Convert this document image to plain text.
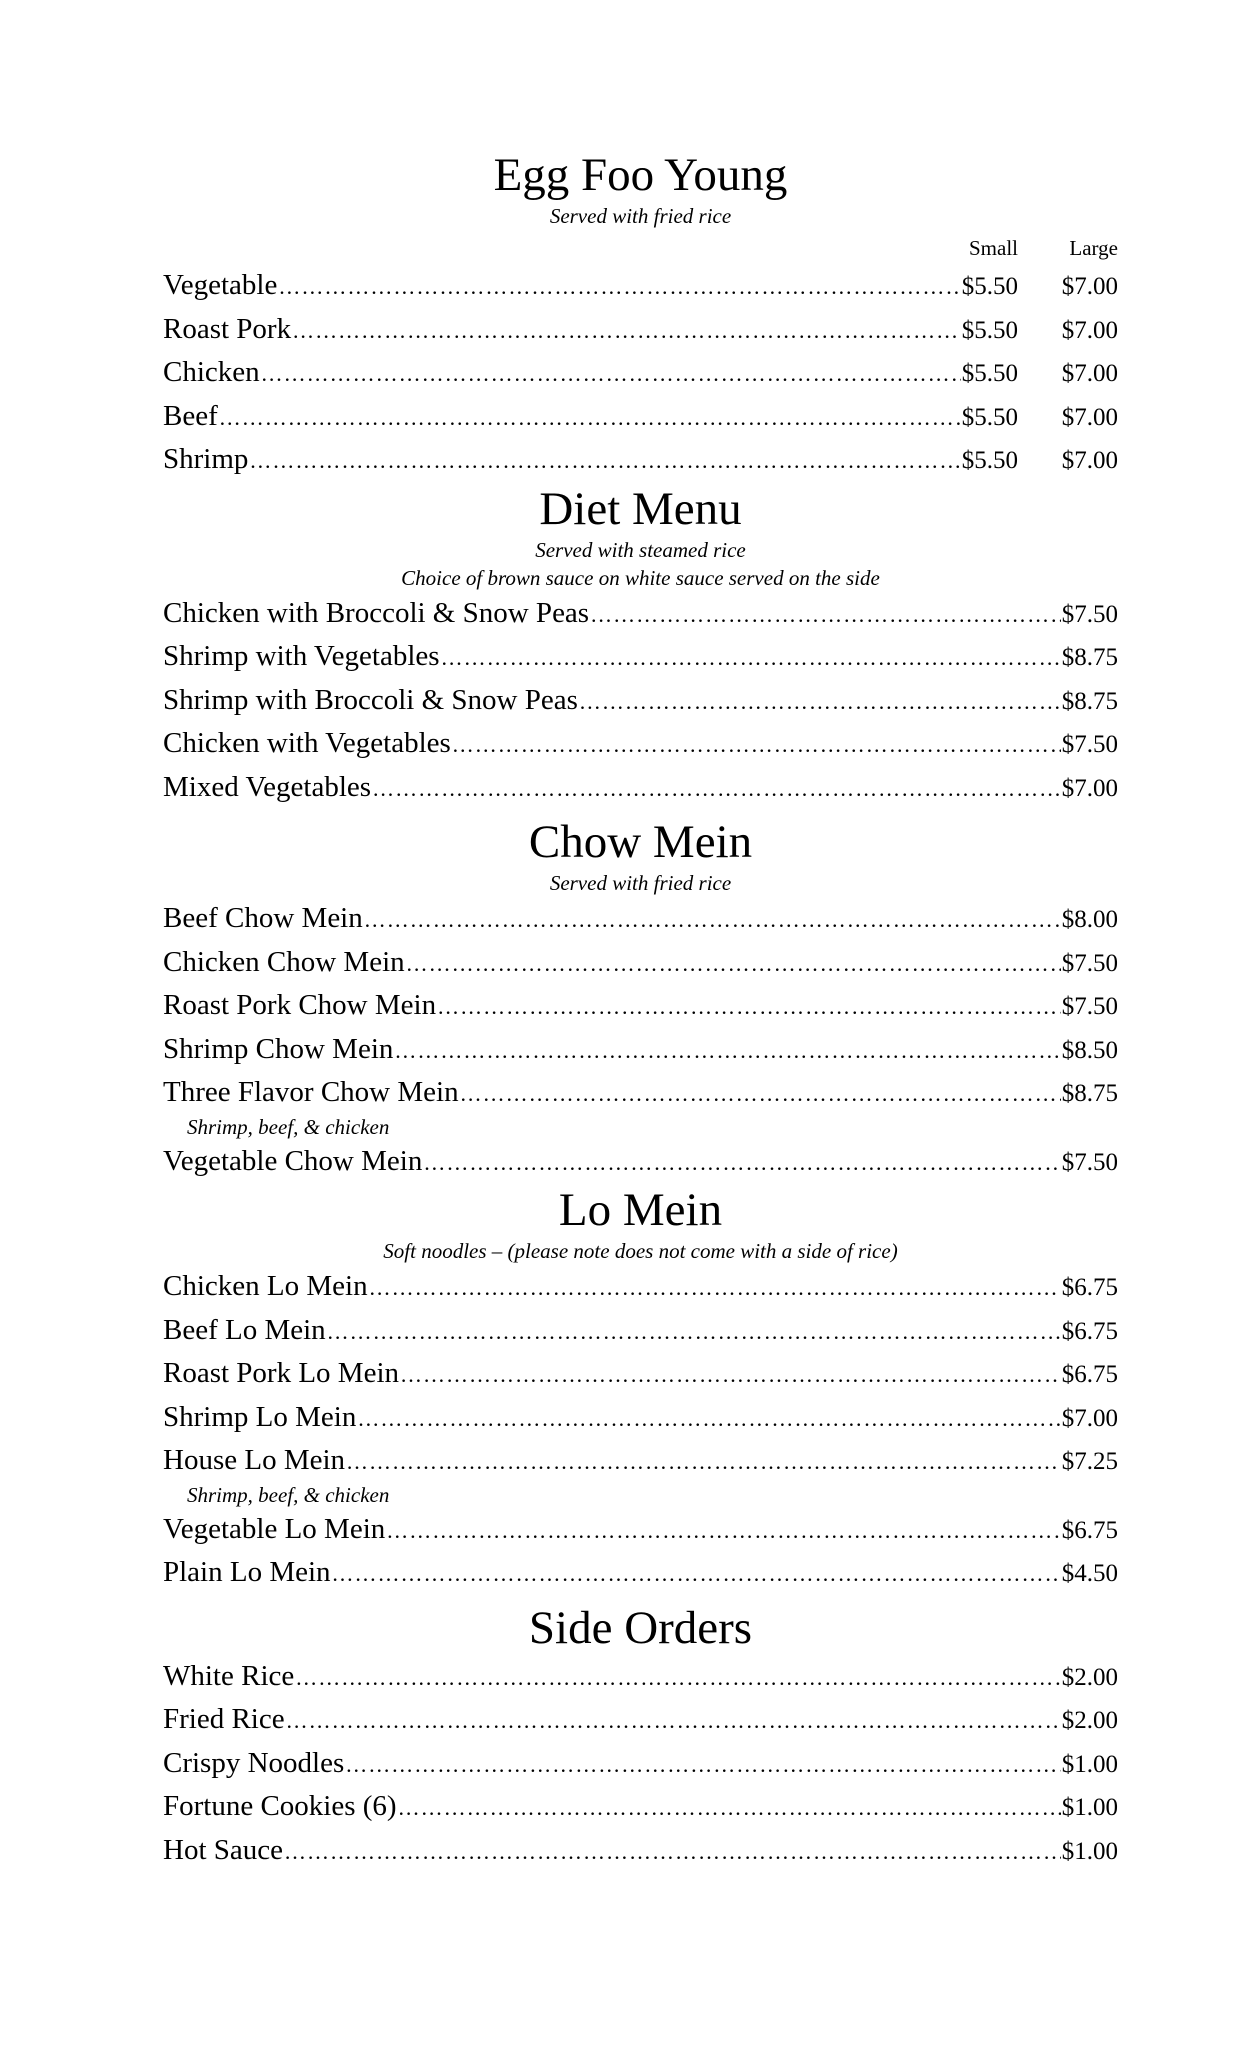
Egg Foo Young
Served with fried rice
Small Large
Vegetable ……………………………………………………………………………………………………………………………………………………………………………………	$5.50	$7.00
Roast Pork ……………………………………………………………………………………………………………………………………………………………………………………	$5.50	$7.00
Chicken ……………………………………………………………………………………………………………………………………………………………………………………	$5.50	$7.00
Beef ……………………………………………………………………………………………………………………………………………………………………………………	$5.50	$7.00
Shrimp ……………………………………………………………………………………………………………………………………………………………………………………	$5.50	$7.00
Diet Menu
Served with steamed rice
Choice of brown sauce on white sauce served on the side
Chicken with Broccoli & Snow Peas ……………………………………………………………………………………………………………………………………………………………………………………	$7.50
Shrimp with Vegetables ……………………………………………………………………………………………………………………………………………………………………………………	$8.75
Shrimp with Broccoli & Snow Peas ……………………………………………………………………………………………………………………………………………………………………………………	$8.75
Chicken with Vegetables ……………………………………………………………………………………………………………………………………………………………………………………	$7.50
Mixed Vegetables ……………………………………………………………………………………………………………………………………………………………………………………	$7.00
Chow Mein
Served with fried rice
Beef Chow Mein ……………………………………………………………………………………………………………………………………………………………………………………	$8.00
Chicken Chow Mein ……………………………………………………………………………………………………………………………………………………………………………………	$7.50
Roast Pork Chow Mein ……………………………………………………………………………………………………………………………………………………………………………………	$7.50
Shrimp Chow Mein ……………………………………………………………………………………………………………………………………………………………………………………	$8.50
Three Flavor Chow Mein ……………………………………………………………………………………………………………………………………………………………………………………	$8.75
Shrimp, beef, & chicken
Vegetable Chow Mein ……………………………………………………………………………………………………………………………………………………………………………………	$7.50
Lo Mein
Soft noodles – (please note does not come with a side of rice)
Chicken Lo Mein ……………………………………………………………………………………………………………………………………………………………………………………	$6.75
Beef Lo Mein ……………………………………………………………………………………………………………………………………………………………………………………	$6.75
Roast Pork Lo Mein ……………………………………………………………………………………………………………………………………………………………………………………	$6.75
Shrimp Lo Mein ……………………………………………………………………………………………………………………………………………………………………………………	$7.00
House Lo Mein ……………………………………………………………………………………………………………………………………………………………………………………	$7.25
Shrimp, beef, & chicken
Vegetable Lo Mein ……………………………………………………………………………………………………………………………………………………………………………………	$6.75
Plain Lo Mein ……………………………………………………………………………………………………………………………………………………………………………………	$4.50
Side Orders
White Rice ……………………………………………………………………………………………………………………………………………………………………………………	$2.00
Fried Rice ……………………………………………………………………………………………………………………………………………………………………………………	$2.00
Crispy Noodles ……………………………………………………………………………………………………………………………………………………………………………………	$1.00
Fortune Cookies (6) ……………………………………………………………………………………………………………………………………………………………………………………	$1.00
Hot Sauce ……………………………………………………………………………………………………………………………………………………………………………………	$1.00
